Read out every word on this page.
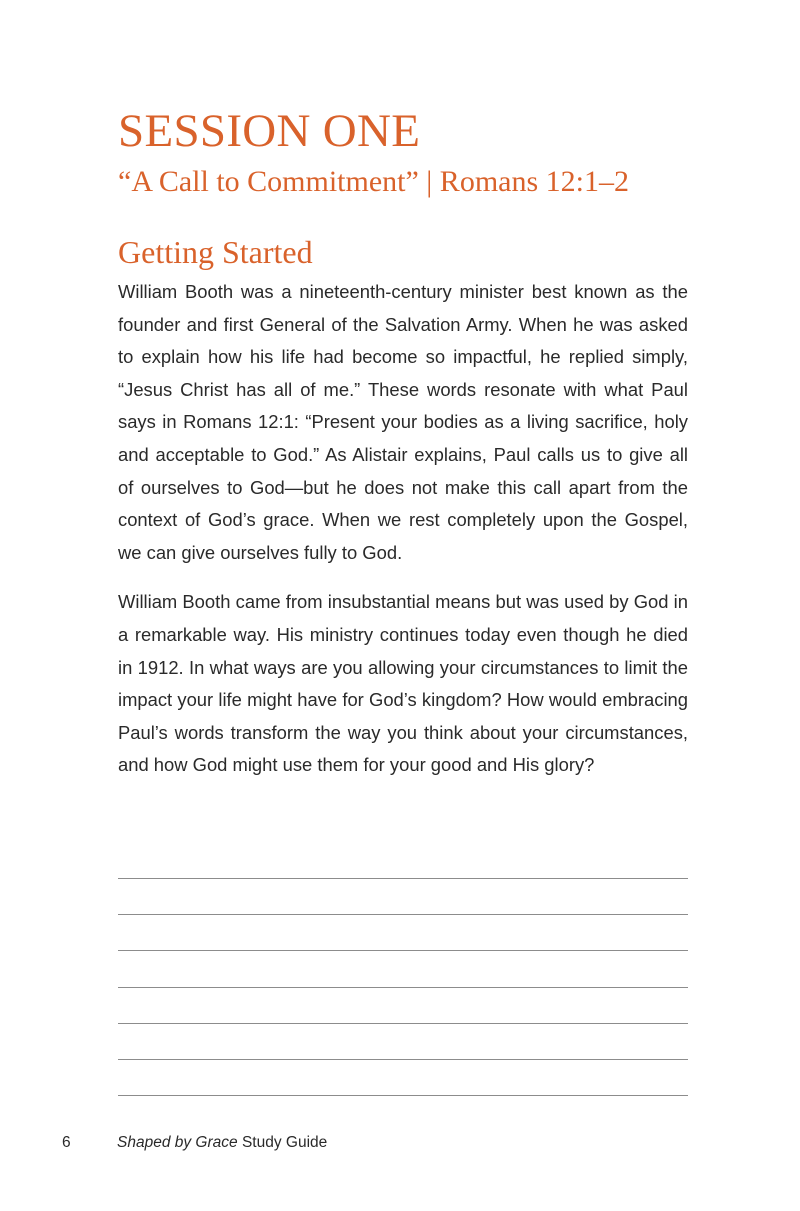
SESSION ONE
“A Call to Commitment” | Romans 12:1–2
Getting Started

William Booth was a nineteenth-century minister best known as the founder and first General of the Salvation Army. When he was asked to explain how his life had become so impactful, he replied simply, “Jesus Christ has all of me.” These words resonate with what Paul says in Romans 12:1: “Present your bodies as a living sacrifice, holy and acceptable to God.” As Alistair explains, Paul calls us to give all of ourselves to God—but he does not make this call apart from the context of God’s grace. When we rest completely upon the Gospel, we can give ourselves fully to God.

William Booth came from insubstantial means but was used by God in a remarkable way. His ministry continues today even though he died in 1912. In what ways are you allowing your circumstances to limit the impact your life might have for God’s kingdom? How would embracing Paul’s words transform the way you think about your circumstances, and how God might use them for your good and His glory?

6	Shaped by Grace Study Guide
